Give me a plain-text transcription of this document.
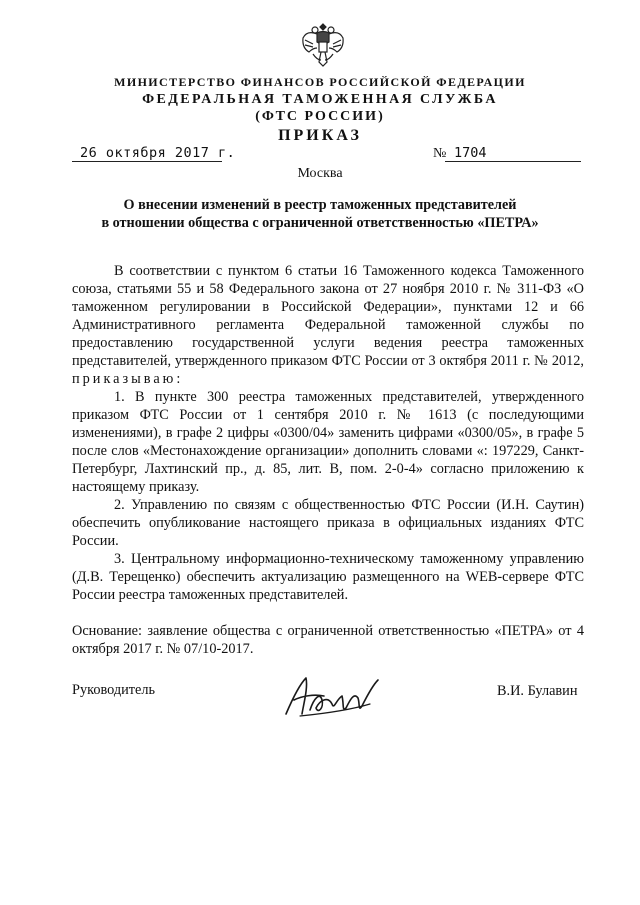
МИНИСТЕРСТВО ФИНАНСОВ РОССИЙСКОЙ ФЕДЕРАЦИИ
ФЕДЕРАЛЬНАЯ ТАМОЖЕННАЯ СЛУЖБА
(ФТС РОССИИ)
ПРИКАЗ
26 октября 2017 г.	№ 1704
Москва
О внесении изменений в реестр таможенных представителей
в отношении общества с ограниченной ответственностью «ПЕТРА»

В соответствии с пунктом 6 статьи 16 Таможенного кодекса Таможенного союза, статьями 55 и 58 Федерального закона от 27 ноября 2010 г. № 311-ФЗ «О таможенном регулировании в Российской Федерации», пунктами 12 и 66 Административного регламента Федеральной таможенной службы по предоставлению государственной услуги ведения реестра таможенных представителей, утвержденного приказом ФТС России от 3 октября 2011 г. № 2012, приказываю:

1. В пункте 300 реестра таможенных представителей, утвержденного приказом ФТС России от 1 сентября 2010 г. № 1613 (с последующими изменениями), в графе 2 цифры «0300/04» заменить цифрами «0300/05», в графе 5 после слов «Местонахождение организации» дополнить словами «: 197229, Санкт-Петербург, Лахтинский пр., д. 85, лит. В, пом. 2-0-4» согласно приложению к настоящему приказу.

2. Управлению по связям с общественностью ФТС России (И.Н. Саутин) обеспечить опубликование настоящего приказа в официальных изданиях ФТС России.

3. Центральному информационно-техническому таможенному управлению (Д.В. Терещенко) обеспечить актуализацию размещенного на WEB-сервере ФТС России реестра таможенных представителей.

Основание: заявление общества с ограниченной ответственностью «ПЕТРА» от 4 октября 2017 г. № 07/10-2017.

Руководитель	В.И. Булавин
